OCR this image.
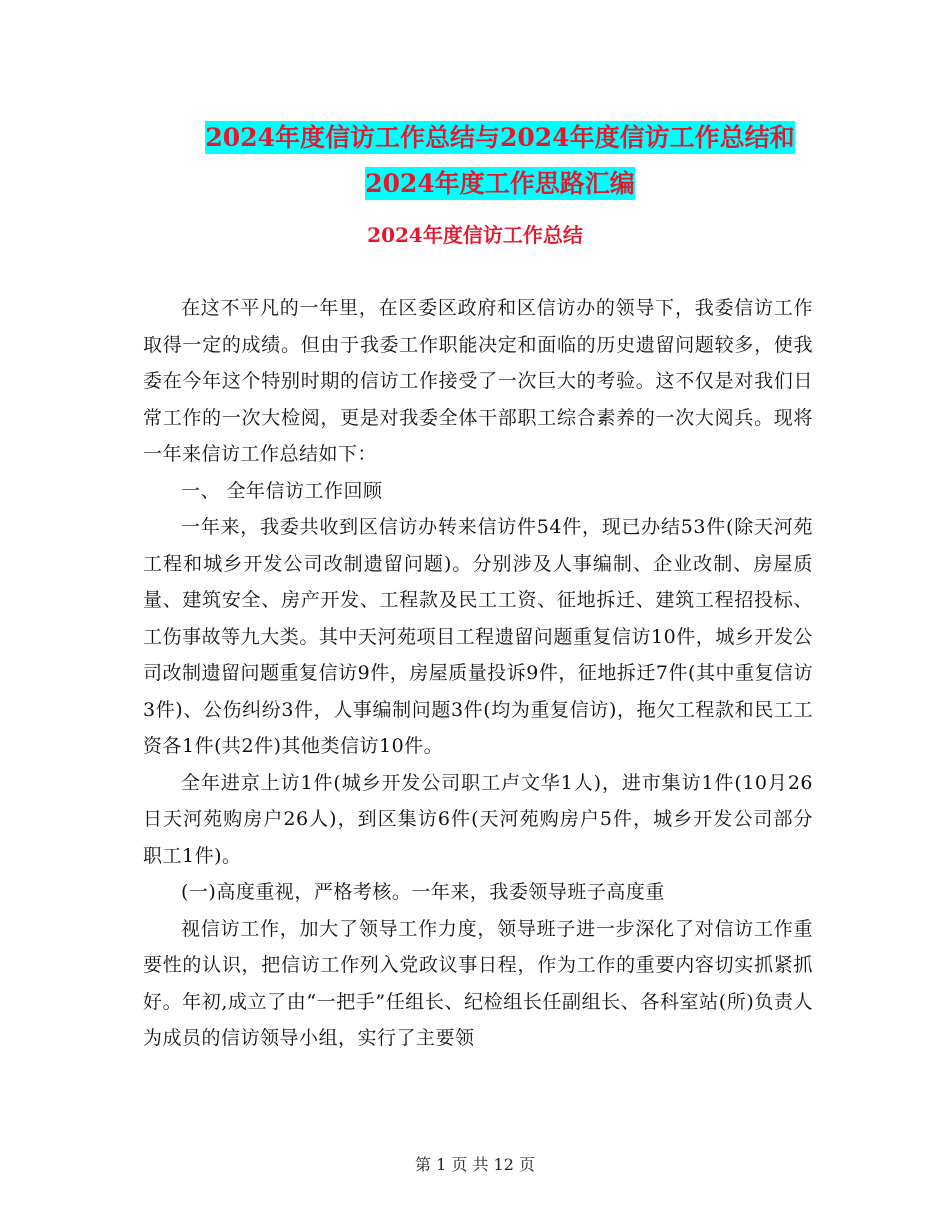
2024年度信访工作总结与2024年度信访工作总结和
2024年度工作思路汇编
2024年度信访工作总结

在这不平凡的一年里，在区委区政府和区信访办的领导下，我委信访工作取得一定的成绩。但由于我委工作职能决定和面临的历史遗留问题较多，使我委在今年这个特别时期的信访工作接受了一次巨大的考验。这不仅是对我们日常工作的一次大检阅，更是对我委全体干部职工综合素养的一次大阅兵。现将一年来信访工作总结如下：

一、 全年信访工作回顾

一年来，我委共收到区信访办转来信访件54件，现已办结53件(除天河苑工程和城乡开发公司改制遗留问题)。分别涉及人事编制、企业改制、房屋质量、建筑安全、房产开发、工程款及民工工资、征地拆迁、建筑工程招投标、工伤事故等九大类。其中天河苑项目工程遗留问题重复信访10件，城乡开发公司改制遗留问题重复信访9件，房屋质量投诉9件，征地拆迁7件(其中重复信访3件)、公伤纠纷3件，人事编制问题3件(均为重复信访)，拖欠工程款和民工工资各1件(共2件)其他类信访10件。

全年进京上访1件(城乡开发公司职工卢文华1人)，进市集访1件(10月26日天河苑购房户26人)，到区集访6件(天河苑购房户5件，城乡开发公司部分职工1件)。

(一)高度重视，严格考核。一年来，我委领导班子高度重

视信访工作，加大了领导工作力度，领导班子进一步深化了对信访工作重要性的认识，把信访工作列入党政议事日程，作为工作的重要内容切实抓紧抓好。年初,成立了由“一把手”任组长、纪检组长任副组长、各科室站(所)负责人为成员的信访领导小组，实行了主要领

第 1 页 共 12 页
